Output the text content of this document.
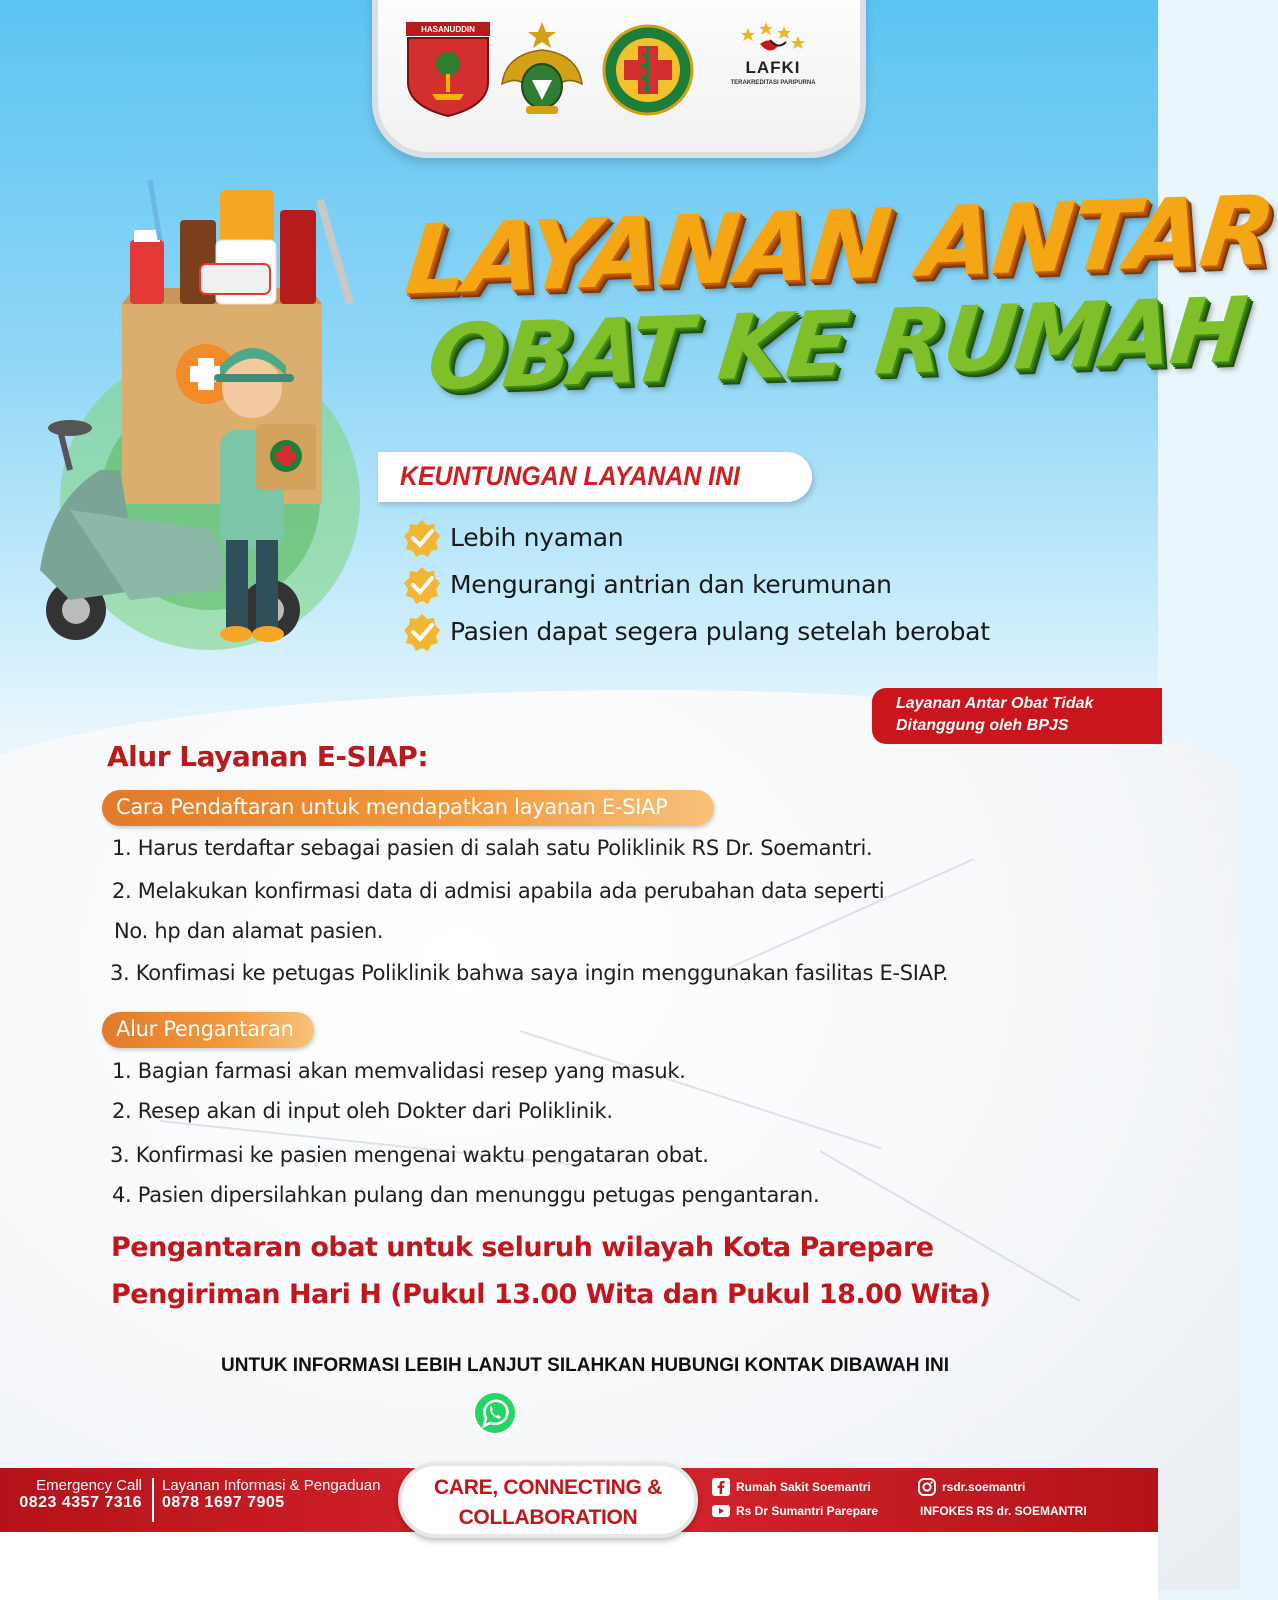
HASANUDDIN
LAFKI
TERAKREDITASI PARIPURNA
LAYANAN ANTAR
OBAT KE RUMAH
KEUNTUNGAN LAYANAN INI
Lebih nyaman
Mengurangi antrian dan kerumunan
Pasien dapat segera pulang setelah berobat
Layanan Antar Obat Tidak
Ditanggung oleh BPJS
Alur Layanan E-SIAP:
Cara Pendaftaran untuk mendapatkan layanan E-SIAP
1. Harus terdaftar sebagai pasien di salah satu Poliklinik RS Dr. Soemantri.
2. Melakukan konfirmasi data di admisi apabila ada perubahan data seperti
No. hp dan alamat pasien.
3. Konfimasi ke petugas Poliklinik bahwa saya ingin menggunakan fasilitas E-SIAP.
Alur Pengantaran
1. Bagian farmasi akan memvalidasi resep yang masuk.
2. Resep akan di input oleh Dokter dari Poliklinik.
3. Konfirmasi ke pasien mengenai waktu pengataran obat.
4. Pasien dipersilahkan pulang dan menunggu petugas pengantaran.
Pengantaran obat untuk seluruh wilayah Kota Parepare
Pengiriman Hari H (Pukul 13.00 Wita dan Pukul 18.00 Wita)
UNTUK INFORMASI LEBIH LANJUT SILAHKAN HUBUNGI KONTAK DIBAWAH INI
Emergency Call
0823 4357 7316
Layanan Informasi & Pengaduan
0878 1697 7905
Rumah Sakit Soemantri
Rs Dr Sumantri Parepare
rsdr.soemantri
INFOKES RS dr. SOEMANTRI
CARE, CONNECTING &
COLLABORATION
